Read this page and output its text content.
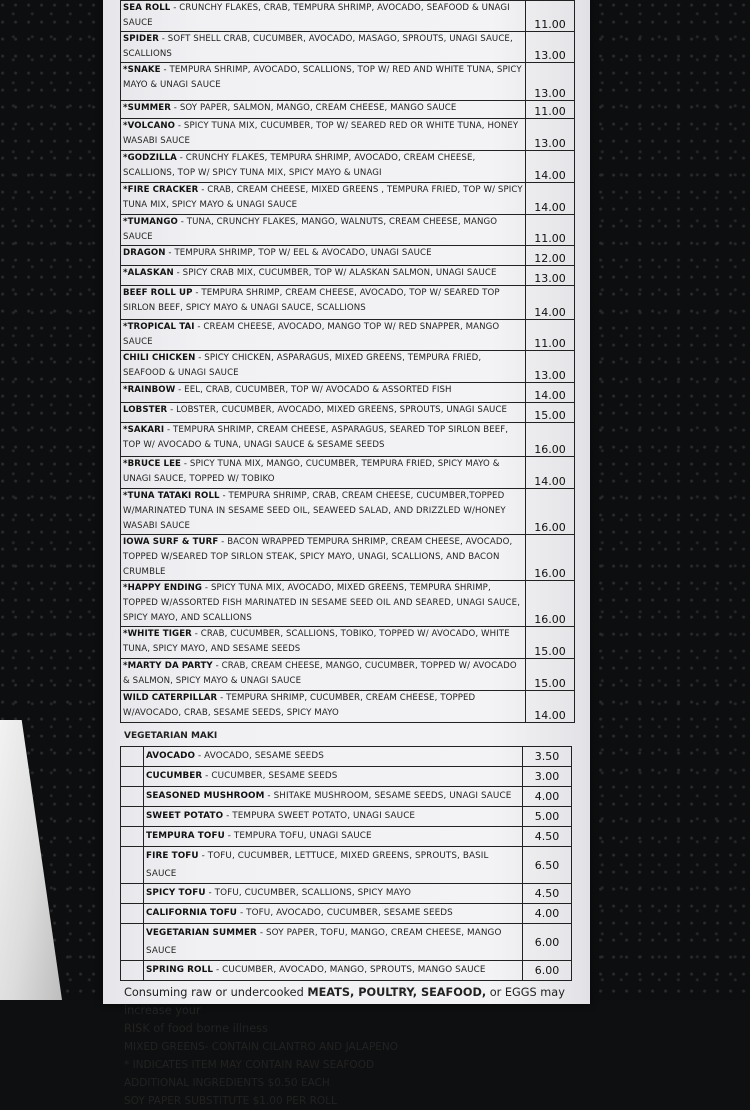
SEA ROLL - CRUNCHY FLAKES, CRAB, TEMPURA SHRIMP, AVOCADO, SEAFOOD & UNAGI SAUCE	11.00
SPIDER - SOFT SHELL CRAB, CUCUMBER, AVOCADO, MASAGO, SPROUTS, UNAGI SAUCE, SCALLIONS	13.00
*SNAKE - TEMPURA SHRIMP, AVOCADO, SCALLIONS, TOP W/ RED AND WHITE TUNA, SPICY MAYO & UNAGI SAUCE	13.00
*SUMMER - SOY PAPER, SALMON, MANGO, CREAM CHEESE, MANGO SAUCE	11.00
*VOLCANO - SPICY TUNA MIX, CUCUMBER, TOP W/ SEARED RED OR WHITE TUNA, HONEY WASABI SAUCE	13.00
*GODZILLA - CRUNCHY FLAKES, TEMPURA SHRIMP, AVOCADO, CREAM CHEESE, SCALLIONS, TOP W/ SPICY TUNA MIX, SPICY MAYO & UNAGI	14.00
*FIRE CRACKER - CRAB, CREAM CHEESE, MIXED GREENS , TEMPURA FRIED, TOP W/ SPICY TUNA MIX, SPICY MAYO & UNAGI SAUCE	14.00
*TUMANGO - TUNA, CRUNCHY FLAKES, MANGO, WALNUTS, CREAM CHEESE, MANGO SAUCE	11.00
DRAGON - TEMPURA SHRIMP, TOP W/ EEL & AVOCADO, UNAGI SAUCE	12.00
*ALASKAN - SPICY CRAB MIX, CUCUMBER, TOP W/ ALASKAN SALMON, UNAGI SAUCE	13.00
BEEF ROLL UP - TEMPURA SHRIMP, CREAM CHEESE, AVOCADO, TOP W/ SEARED TOP SIRLON BEEF, SPICY MAYO & UNAGI SAUCE, SCALLIONS	14.00
*TROPICAL TAI - CREAM CHEESE, AVOCADO, MANGO TOP W/ RED SNAPPER, MANGO SAUCE	11.00
CHILI CHICKEN - SPICY CHICKEN, ASPARAGUS, MIXED GREENS, TEMPURA FRIED, SEAFOOD & UNAGI SAUCE	13.00
*RAINBOW - EEL, CRAB, CUCUMBER, TOP W/ AVOCADO & ASSORTED FISH	14.00
LOBSTER - LOBSTER, CUCUMBER, AVOCADO, MIXED GREENS, SPROUTS, UNAGI SAUCE	15.00
*SAKARI - TEMPURA SHRIMP, CREAM CHEESE, ASPARAGUS, SEARED TOP SIRLON BEEF, TOP W/ AVOCADO & TUNA, UNAGI SAUCE & SESAME SEEDS	16.00
*BRUCE LEE - SPICY TUNA MIX, MANGO, CUCUMBER, TEMPURA FRIED, SPICY MAYO & UNAGI SAUCE, TOPPED W/ TOBIKO	14.00
*TUNA TATAKI ROLL - TEMPURA SHRIMP, CRAB, CREAM CHEESE, CUCUMBER,TOPPED W/MARINATED TUNA IN SESAME SEED OIL, SEAWEED SALAD, AND DRIZZLED W/HONEY WASABI SAUCE	16.00
IOWA SURF & TURF - BACON WRAPPED TEMPURA SHRIMP, CREAM CHEESE, AVOCADO, TOPPED W/SEARED TOP SIRLON STEAK, SPICY MAYO, UNAGI, SCALLIONS, AND BACON CRUMBLE	16.00
*HAPPY ENDING - SPICY TUNA MIX, AVOCADO, MIXED GREENS, TEMPURA SHRIMP, TOPPED W/ASSORTED FISH MARINATED IN SESAME SEED OIL AND SEARED, UNAGI SAUCE, SPICY MAYO, AND SCALLIONS	16.00
*WHITE TIGER - CRAB, CUCUMBER, SCALLIONS, TOBIKO, TOPPED W/ AVOCADO, WHITE TUNA, SPICY MAYO, AND SESAME SEEDS	15.00
*MARTY DA PARTY - CRAB, CREAM CHEESE, MANGO, CUCUMBER, TOPPED W/ AVOCADO & SALMON, SPICY MAYO & UNAGI SAUCE	15.00
WILD CATERPILLAR - TEMPURA SHRIMP, CUCUMBER, CREAM CHEESE, TOPPED W/AVOCADO, CRAB, SESAME SEEDS, SPICY MAYO	14.00
VEGETARIAN MAKI
	AVOCADO - AVOCADO, SESAME SEEDS	3.50
	CUCUMBER - CUCUMBER, SESAME SEEDS	3.00
	SEASONED MUSHROOM - SHITAKE MUSHROOM, SESAME SEEDS, UNAGI SAUCE	4.00
	SWEET POTATO - TEMPURA SWEET POTATO, UNAGI SAUCE	5.00
	TEMPURA TOFU - TEMPURA TOFU, UNAGI SAUCE	4.50
	FIRE TOFU - TOFU, CUCUMBER, LETTUCE, MIXED GREENS, SPROUTS, BASIL SAUCE	6.50
	SPICY TOFU - TOFU, CUCUMBER, SCALLIONS, SPICY MAYO	4.50
	CALIFORNIA TOFU - TOFU, AVOCADO, CUCUMBER, SESAME SEEDS	4.00
	VEGETARIAN SUMMER - SOY PAPER, TOFU, MANGO, CREAM CHEESE, MANGO SAUCE	6.00
	SPRING ROLL - CUCUMBER, AVOCADO, MANGO, SPROUTS, MANGO SAUCE	6.00
Consuming raw or undercooked MEATS, POULTRY, SEAFOOD, or EGGS may increase your
RISK of food borne illness
MIXED GREENS- CONTAIN CILANTRO AND JALAPENO
* INDICATES ITEM MAY CONTAIN RAW SEAFOOD
ADDITIONAL INGREDIENTS $0.50 EACH
SOY PAPER SUBSTITUTE $1.00 PER ROLL
